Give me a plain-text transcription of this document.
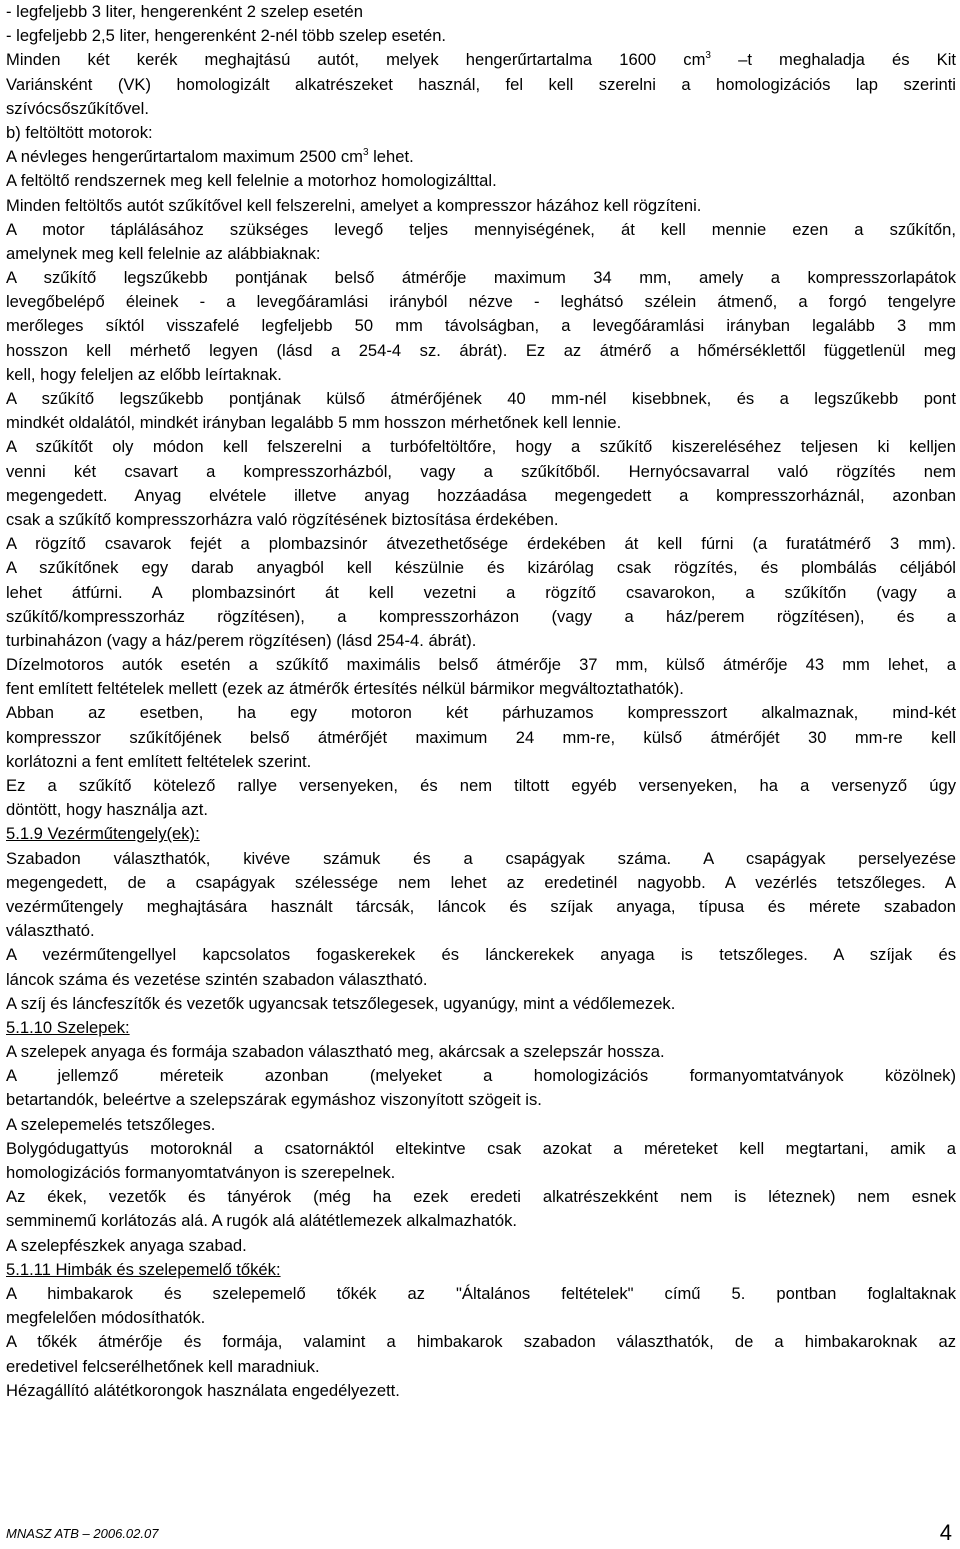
- legfeljebb 3 liter, hengerenként 2 szelep esetén
- legfeljebb 2,5 liter, hengerenként 2-nél több szelep esetén.
Minden két kerék meghajtású autót, melyek hengerűrtartalma 1600 $cm^3$ –t meghaladja és Kit
Variánsként (VK) homologizált alkatrészeket használ, fel kell szerelni a homologizációs lap szerinti
szívócsőszűkítővel.
b) feltöltött motorok:
A névleges hengerűrtartalom maximum 2500 $cm^3$ lehet.
A feltöltő rendszernek meg kell felelnie a motorhoz homologizálttal.
Minden feltöltős autót szűkítővel kell felszerelni, amelyet a kompresszor házához kell rögzíteni.
A motor táplálásához szükséges levegő teljes mennyiségének, át kell mennie ezen a szűkítőn,
amelynek meg kell felelnie az alábbiaknak:
A szűkítő legszűkebb pontjának belső átmérője maximum 34 mm, amely a kompresszorlapátok
levegőbelépő éleinek - a levegőáramlási irányból nézve - leghátsó szélein átmenő, a forgó tengelyre
merőleges síktól visszafelé legfeljebb 50 mm távolságban, a levegőáramlási irányban legalább 3 mm
hosszon kell mérhető legyen (lásd a 254-4 sz. ábrát). Ez az átmérő a hőmérséklettől függetlenül meg
kell, hogy feleljen az előbb leírtaknak.
A szűkítő legszűkebb pontjának külső átmérőjének 40 mm-nél kisebbnek, és a legszűkebb pont
mindkét oldalától, mindkét irányban legalább 5 mm hosszon mérhetőnek kell lennie.
A szűkítőt oly módon kell felszerelni a turbófeltöltőre, hogy a szűkítő kiszereléséhez teljesen ki kelljen
venni két csavart a kompresszorházból, vagy a szűkítőből. Hernyócsavarral való rögzítés nem
megengedett. Anyag elvétele illetve anyag hozzáadása megengedett a kompresszorháznál, azonban
csak a szűkítő kompresszorházra való rögzítésének biztosítása érdekében.
A rögzítő csavarok fejét a plombazsinór átvezethetősége érdekében át kell fúrni (a furatátmérő 3 mm).
A szűkítőnek egy darab anyagból kell készülnie és kizárólag csak rögzítés, és plombálás céljából
lehet átfúrni. A plombazsinórt át kell vezetni a rögzítő csavarokon, a szűkítőn (vagy a
szűkítő/kompresszorház rögzítésen), a kompresszorházon (vagy a ház/perem rögzítésen), és a
turbinaházon (vagy a ház/perem rögzítésen) (lásd 254-4. ábrát).
Dízelmotoros autók esetén a szűkítő maximális belső átmérője 37 mm, külső átmérője 43 mm lehet, a
fent említett feltételek mellett (ezek az átmérők értesítés nélkül bármikor megváltoztathatók).
Abban az esetben, ha egy motoron két párhuzamos kompresszort alkalmaznak, mind-két
kompresszor szűkítőjének belső átmérőjét maximum 24 mm-re, külső átmérőjét 30 mm-re kell
korlátozni a fent említett feltételek szerint.
Ez a szűkítő kötelező rallye versenyeken, és nem tiltott egyéb versenyeken, ha a versenyző úgy
döntött, hogy használja azt.
5.1.9 Vezérműtengely(ek):
Szabadon választhatók, kivéve számuk és a csapágyak száma. A csapágyak perselyezése
megengedett, de a csapágyak szélessége nem lehet az eredetinél nagyobb. A vezérlés tetszőleges. A
vezérműtengely meghajtására használt tárcsák, láncok és szíjak anyaga, típusa és mérete szabadon
választható.
A vezérműtengellyel kapcsolatos fogaskerekek és lánckerekek anyaga is tetszőleges. A szíjak és
láncok száma és vezetése szintén szabadon választható.
A szíj és láncfeszítők és vezetők ugyancsak tetszőlegesek, ugyanúgy, mint a védőlemezek.
5.1.10 Szelepek:
A szelepek anyaga és formája szabadon választható meg, akárcsak a szelepszár hossza.
A jellemző méreteik azonban (melyeket a homologizációs formanyomtatványok közölnek)
betartandók, beleértve a szelepszárak egymáshoz viszonyított szögeit is.
A szelepemelés tetszőleges.
Bolygódugattyús motoroknál a csatornáktól eltekintve csak azokat a méreteket kell megtartani, amik a
homologizációs formanyomtatványon is szerepelnek.
Az ékek, vezetők és tányérok (még ha ezek eredeti alkatrészekként nem is léteznek) nem esnek
semminemű korlátozás alá. A rugók alá alátétlemezek alkalmazhatók.
A szelepfészkek anyaga szabad.
5.1.11 Himbák és szelepemelő tőkék:
A himbakarok és szelepemelő tőkék az "Általános feltételek" című 5. pontban foglaltaknak
megfelelően módosíthatók.
A tőkék átmérője és formája, valamint a himbakarok szabadon választhatók, de a himbakaroknak az
eredetivel felcserélhetőnek kell maradniuk.
Hézagállító alátétkorongok használata engedélyezett.
MNASZ ATB – 2006.02.07	4
